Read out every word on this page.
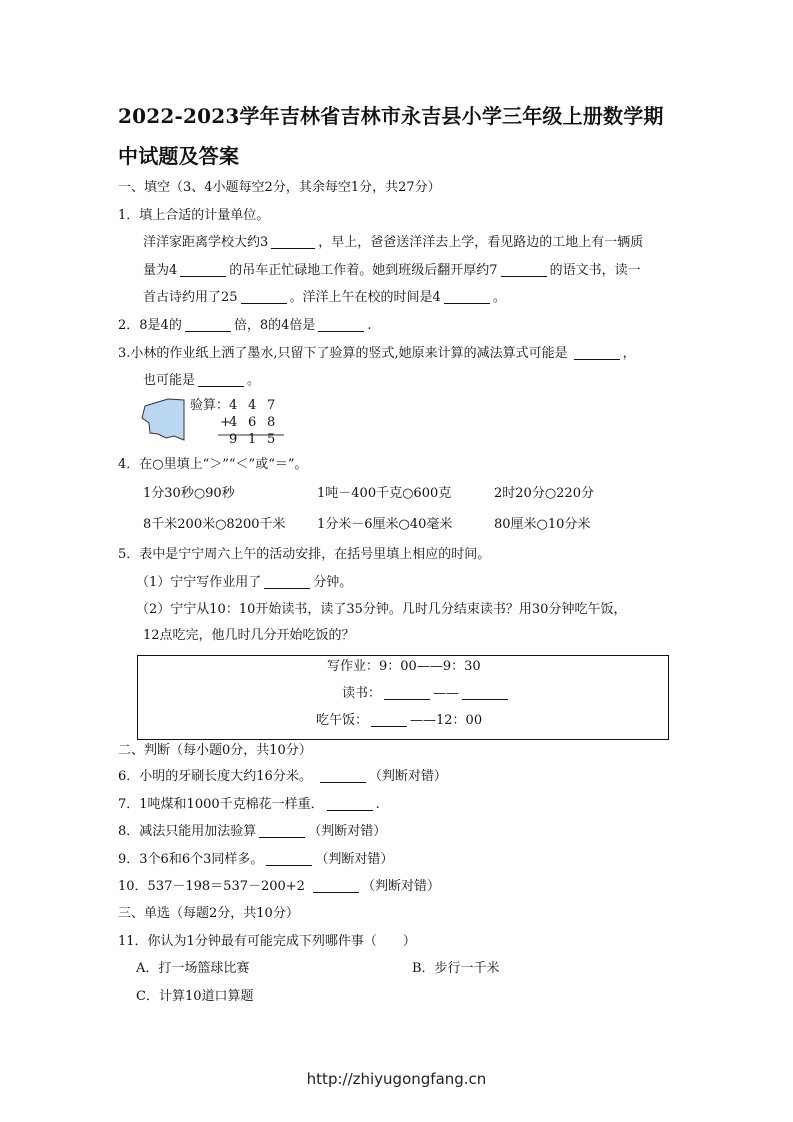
2022-2023学年吉林省吉林市永吉县小学三年级上册数学期中试题及答案
一、填空（3、4小题每空2分，其余每空1分，共27分）
1．填上合适的计量单位。
洋洋家距离学校大约3	，早上，爸爸送洋洋去上学，看见路边的工地上有一辆质
量为4	的吊车正忙碌地工作着。她到班级后翻开厚约7	的语文书，读一
首古诗约用了25	。洋洋上午在校的时间是4	。
2．8是4的	倍，8的4倍是	.
3.小林的作业纸上洒了墨水,只留下了验算的竖式,她原来计算的减法算式可能是	，
也可能是	。
验算： 4 4 7
+
4 6 8
9 1 5
4．在○里填上“＞”“＜”或“＝”。
1分30秒○90秒	1吨－400千克○600克	2时20分○220分
8千米200米○8200千米 1分米－6厘米○40毫米	80厘米○10分米
5．表中是宁宁周六上午的活动安排，在括号里填上相应的时间。
（1）宁宁写作业用了	分钟。
（2）宁宁从10：10开始读书，读了35分钟。几时几分结束读书？用30分钟吃午饭，
12点吃完，他几时几分开始吃饭的？
写作业：9：00——9：30
读书：	——
吃午饭：	——12：00
二、判断（每小题0分，共10分）
6．小明的牙刷长度大约16分米。	（判断对错）
7．1吨煤和1000千克棉花一样重．	.
8．减法只能用加法验算	（判断对错）
9．3个6和6个3同样多。	（判断对错）
10．537－198＝537－200+2	（判断对错）
三、单选（每题2分，共10分）
11．你认为1分钟最有可能完成下列哪件事（　　）
A．打一场篮球比赛	B．步行一千米
C．计算10道口算题
http://zhiyugongfang.cn
